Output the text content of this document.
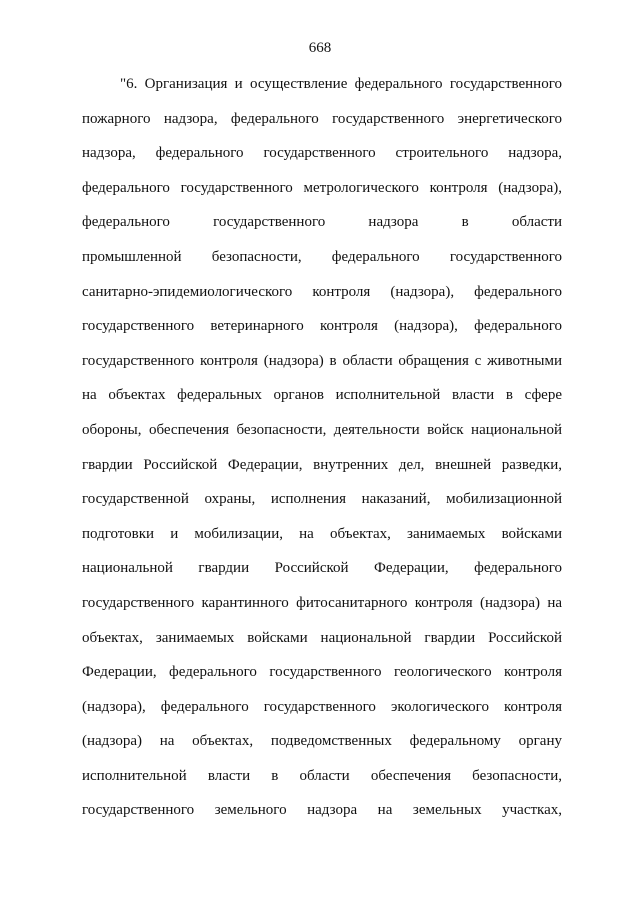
668
"6. Организация и осуществление федерального государственного
пожарного надзора, федерального государственного энергетического
надзора, федерального государственного строительного надзора,
федерального государственного метрологического контроля (надзора),
федерального государственного надзора в области
промышленной безопасности, федерального государственного
санитарно-эпидемиологического контроля (надзора), федерального
государственного ветеринарного контроля (надзора), федерального
государственного контроля (надзора) в области обращения с животными
на объектах федеральных органов исполнительной власти в сфере
обороны, обеспечения безопасности, деятельности войск национальной
гвардии Российской Федерации, внутренних дел, внешней разведки,
государственной охраны, исполнения наказаний, мобилизационной
подготовки и мобилизации, на объектах, занимаемых войсками
национальной гвардии Российской Федерации, федерального
государственного карантинного фитосанитарного контроля (надзора) на
объектах, занимаемых войсками национальной гвардии Российской
Федерации, федерального государственного геологического контроля
(надзора), федерального государственного экологического контроля
(надзора) на объектах, подведомственных федеральному органу
исполнительной власти в области обеспечения безопасности,
государственного земельного надзора на земельных участках,
